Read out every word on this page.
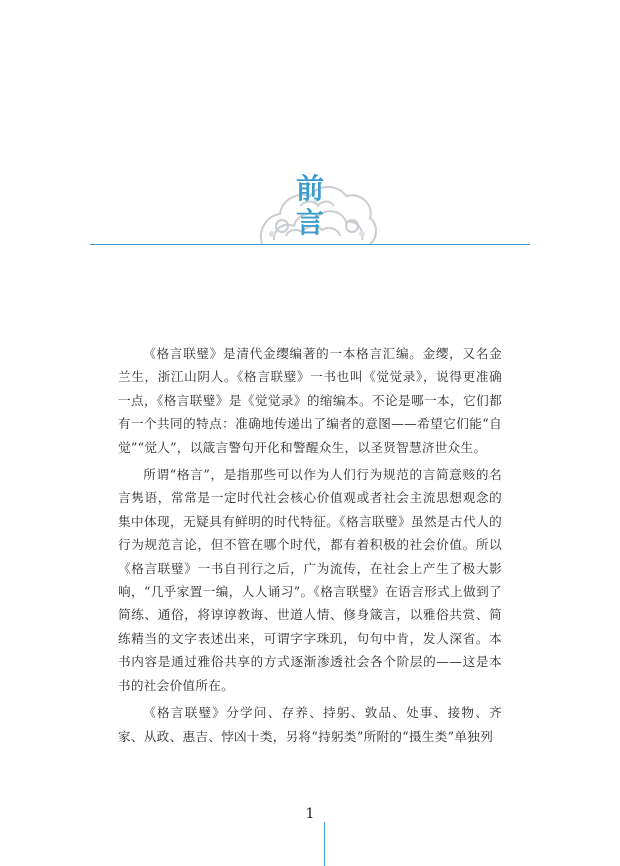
前
言

《格言联璧》是清代金缨编著的一本格言汇编。金缨，又名金兰生，浙江山阴人。《格言联璧》一书也叫《觉觉录》，说得更准确一点，《格言联璧》是《觉觉录》的缩编本。不论是哪一本，它们都有一个共同的特点：准确地传递出了编者的意图——希望它们能“自觉”“觉人”，以箴言警句开化和警醒众生，以圣贤智慧济世众生。

所谓“格言”，是指那些可以作为人们行为规范的言简意赅的名言隽语，常常是一定时代社会核心价值观或者社会主流思想观念的集中体现，无疑具有鲜明的时代特征。《格言联璧》虽然是古代人的行为规范言论，但不管在哪个时代，都有着积极的社会价值。所以《格言联璧》一书自刊行之后，广为流传，在社会上产生了极大影响，“几乎家置一编，人人诵习”。《格言联璧》在语言形式上做到了简练、通俗，将谆谆教诲、世道人情、修身箴言，以雅俗共赏、简练精当的文字表述出来，可谓字字珠玑，句句中肯，发人深省。本书内容是通过雅俗共享的方式逐渐渗透社会各个阶层的——这是本书的社会价值所在。

《格言联璧》分学问、存养、持躬、敦品、处事、接物、齐家、从政、惠吉、悖凶十类，另将“持躬类”所附的“摄生类”单独列

1
